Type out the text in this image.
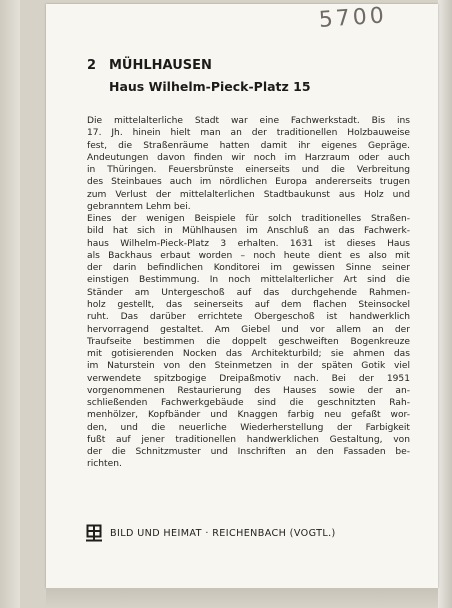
5700
2 MÜHLHAUSEN
Haus Wilhelm-Pieck-Platz 15
Die mittelalterliche Stadt war eine Fachwerkstadt. Bis ins
17. Jh. hinein hielt man an der traditionellen Holzbauweise
fest, die Straßenräume hatten damit ihr eigenes Gepräge.
Andeutungen davon finden wir noch im Harzraum oder auch
in Thüringen. Feuersbrünste einerseits und die Verbreitung
des Steinbaues auch im nördlichen Europa andererseits trugen
zum Verlust der mittelalterlichen Stadtbaukunst aus Holz und
gebranntem Lehm bei.
Eines der wenigen Beispiele für solch traditionelles Straßen-
bild hat sich in Mühlhausen im Anschluß an das Fachwerk-
haus Wilhelm-Pieck-Platz 3 erhalten. 1631 ist dieses Haus
als Backhaus erbaut worden – noch heute dient es also mit
der darin befindlichen Konditorei im gewissen Sinne seiner
einstigen Bestimmung. In noch mittelalterlicher Art sind die
Ständer am Untergeschoß auf das durchgehende Rahmen-
holz gestellt, das seinerseits auf dem flachen Steinsockel
ruht. Das darüber errichtete Obergeschoß ist handwerklich
hervorragend gestaltet. Am Giebel und vor allem an der
Traufseite bestimmen die doppelt geschweiften Bogenkreuze
mit gotisierenden Nocken das Architekturbild; sie ahmen das
im Naturstein von den Steinmetzen in der späten Gotik viel
verwendete spitzbogige Dreipaßmotiv nach. Bei der 1951
vorgenommenen Restaurierung des Hauses sowie der an-
schließenden Fachwerkgebäude sind die geschnitzten Rah-
menhölzer, Kopfbänder und Knaggen farbig neu gefaßt wor-
den, und die neuerliche Wiederherstellung der Farbigkeit
fußt auf jener traditionellen handwerklichen Gestaltung, von
der die Schnitzmuster und Inschriften an den Fassaden be-
richten.
BILD UND HEIMAT · REICHENBACH (VOGTL.)
